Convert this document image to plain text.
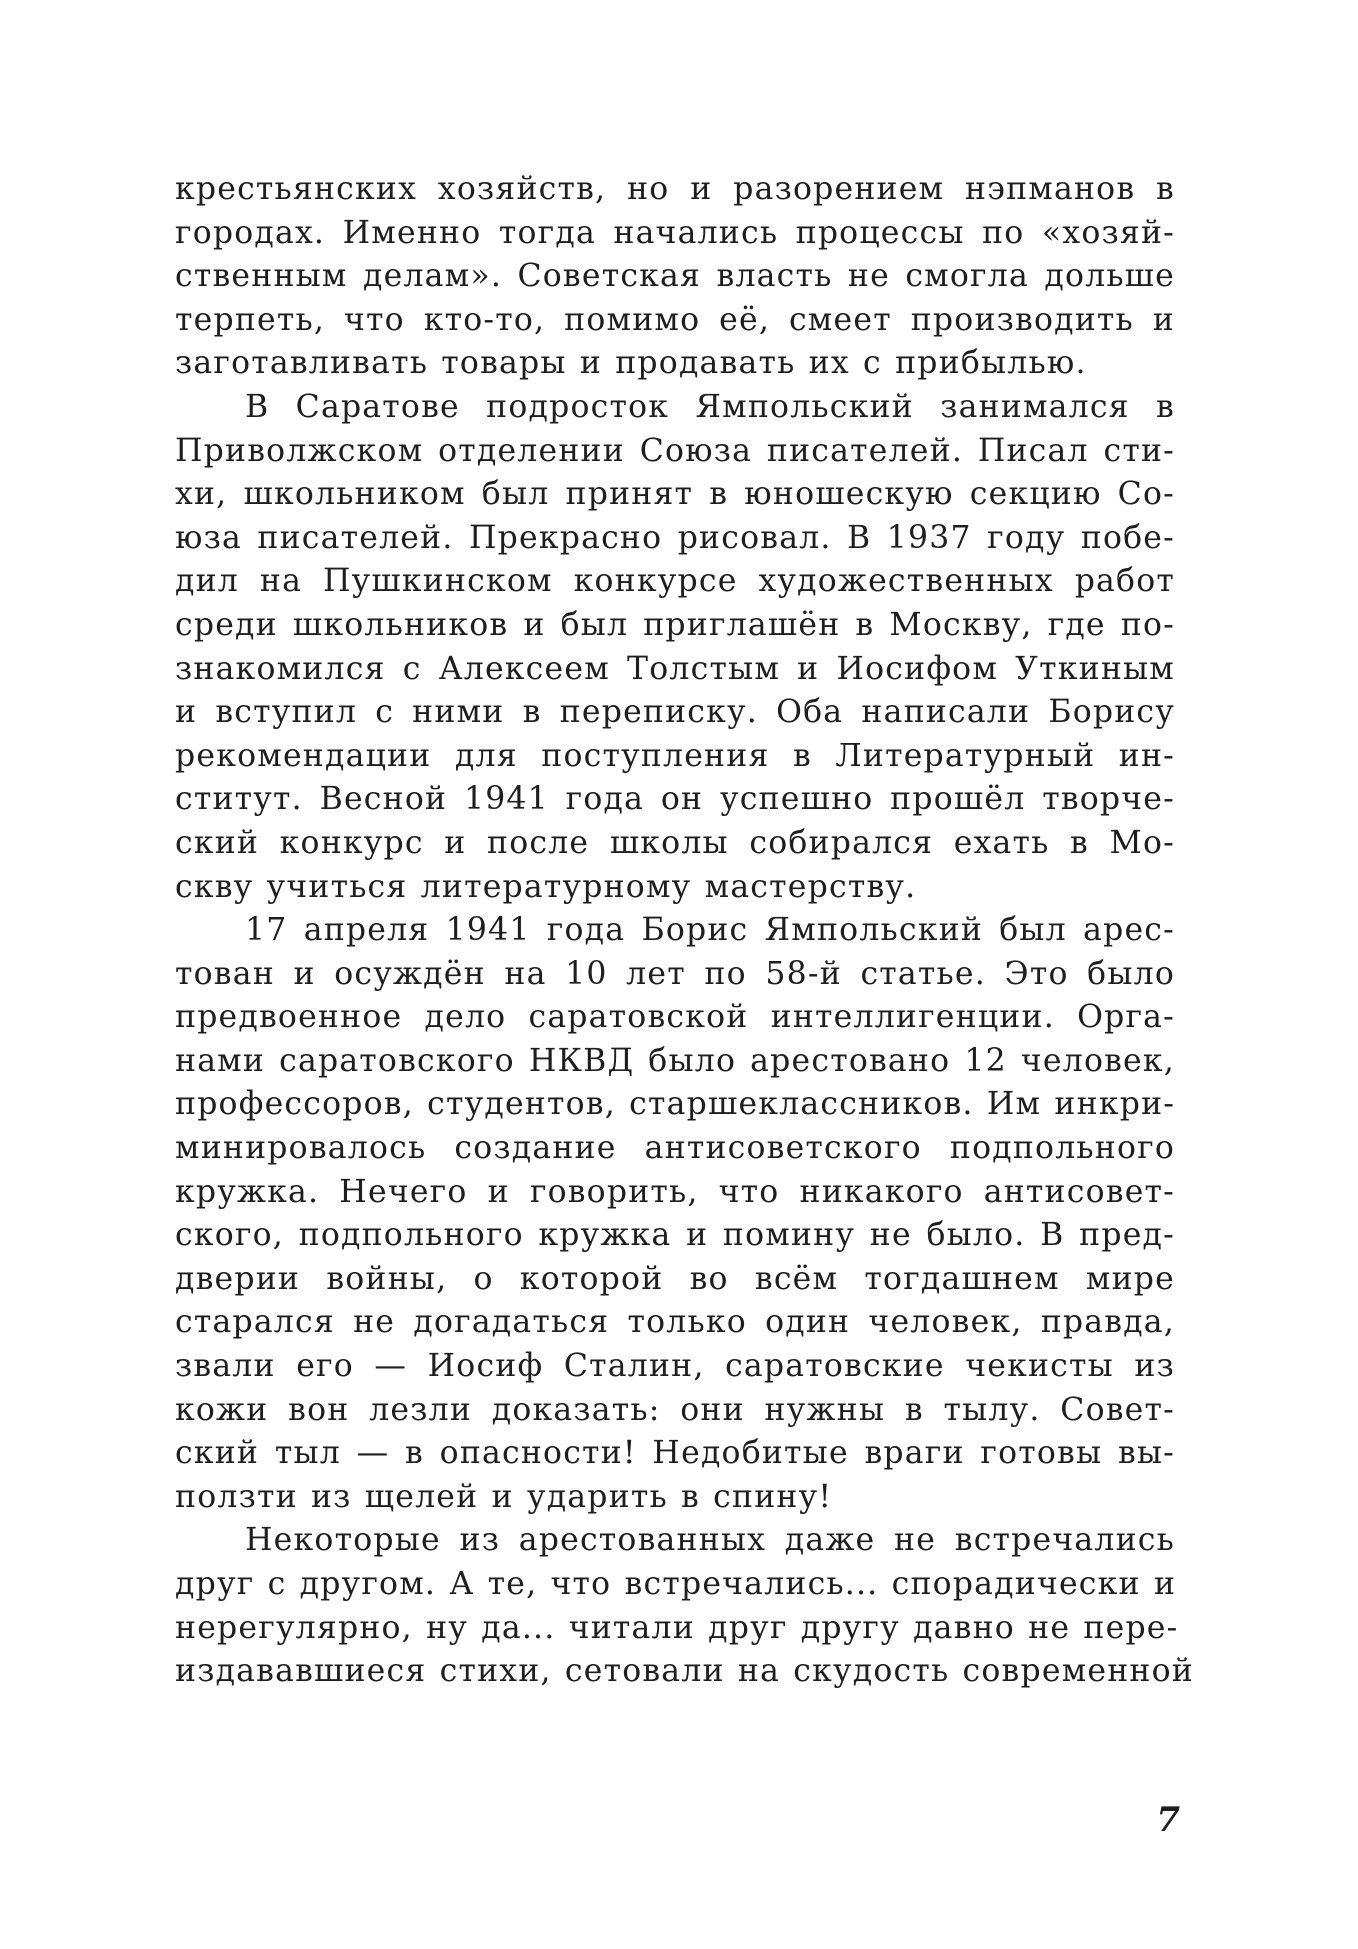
крестьянских хозяйств, но и разорением нэпманов в
городах. Именно тогда начались процессы по «хозяй-
ственным делам». Советская власть не смогла дольше
терпеть, что кто-то, помимо её, смеет производить и
заготавливать товары и продавать их с прибылью.
В Саратове подросток Ямпольский занимался в
Приволжском отделении Союза писателей. Писал сти-
хи, школьником был принят в юношескую секцию Со-
юза писателей. Прекрасно рисовал. В 1937 году побе-
дил на Пушкинском конкурсе художественных работ
среди школьников и был приглашён в Москву, где по-
знакомился с Алексеем Толстым и Иосифом Уткиным
и вступил с ними в переписку. Оба написали Борису
рекомендации для поступления в Литературный ин-
ститут. Весной 1941 года он успешно прошёл творче-
ский конкурс и после школы собирался ехать в Мо-
скву учиться литературному мастерству.
17 апреля 1941 года Борис Ямпольский был арес-
тован и осуждён на 10 лет по 58-й статье. Это было
предвоенное дело саратовской интеллигенции. Орга-
нами саратовского НКВД было арестовано 12 человек,
профессоров, студентов, старшеклассников. Им инкри-
минировалось создание антисоветского подпольного
кружка. Нечего и говорить, что никакого антисовет-
ского, подпольного кружка и помину не было. В пред-
дверии войны, о которой во всём тогдашнем мире
старался не догадаться только один человек, правда,
звали его — Иосиф Сталин, саратовские чекисты из
кожи вон лезли доказать: они нужны в тылу. Совет-
ский тыл — в опасности! Недобитые враги готовы вы-
ползти из щелей и ударить в спину!
Некоторые из арестованных даже не встречались
друг с другом. А те, что встречались... спорадически и
нерегулярно, ну да... читали друг другу давно не пере-
издававшиеся стихи, сетовали на скудость современной
7
